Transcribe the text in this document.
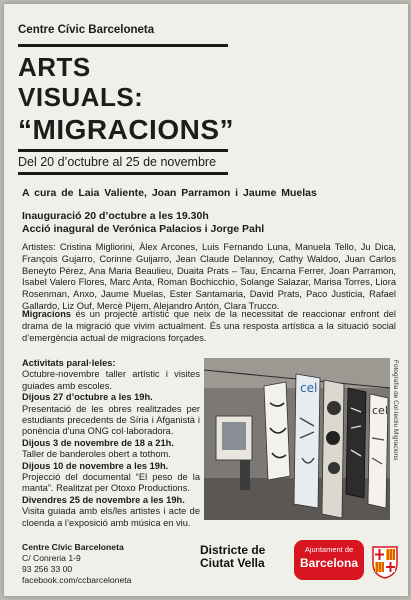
Centre Cívic Barceloneta
ARTS
VISUALS:
“MIGRACIONS”
Del 20 d’octubre al 25 de novembre
A cura de Laia Valiente, Joan Parramon i Jaume Muelas
Inauguració 20 d’octubre a les 19.30h
Acció inagural de Verónica Palacios i Jorge Pahl
Artistes: Cristina Migliorini, Àlex Arcones, Luis Fernando Luna, Manuela Tello, Ju Dica, François Gujarro, Corinne Guijarro, Jean Claude Delannoy, Cathy Waldoo, Juan Carlos Beneyto Pérez, Ana Maria Beaulieu, Duaita Prats – Tau, Encarna Ferrer, Joan Parramon, Isabel Valero Flores, Marc Anta, Roman Bochicchio, Solange Salazar, Marisa Torres, Liora Rosenman, Anxo, Jaume Muelas, Ester Santamaria, David Prats, Paco Justicia, Rafael Gallardo, Liz Ouf, Mercè Pijem, Alejandro Antón, Clara Trucco.
Migracions és un projecte artístic que neix de la necessitat de reaccionar enfront del drama de la migració que vivim actualment. És una resposta artística a la situació social d’emergència actual de migracions forçades.
Activitats paral·leles:
Octubre-novembre taller artístic i visites guiades amb escoles.
Dijous 27 d’octubre a les 19h.
Presentació de les obres realitzades per estudiants precedents de Síria i Afganistà i ponència d’una ONG col·laboradora.
Dijous 3 de novembre de 18 a 21h.
Taller de banderoles obert a tothom.
Dijous 10 de novembre a les 19h.
Projecció del documental “El peso de la manta”. Realitzat per Otoxo Productions.
Divendres 25 de novembre a les 19h.
Visita guiada amb els/les artistes i acte de cloenda a l’exposició amb música en viu.
cel
cel Fotografia de Col·lectiu Migracions
Centre Cívic Barceloneta
C/ Conreria 1-9
93 256 33 00
facebook.com/ccbarceloneta
Districte de
Ciutat Vella
Ajuntament de
Barcelona
